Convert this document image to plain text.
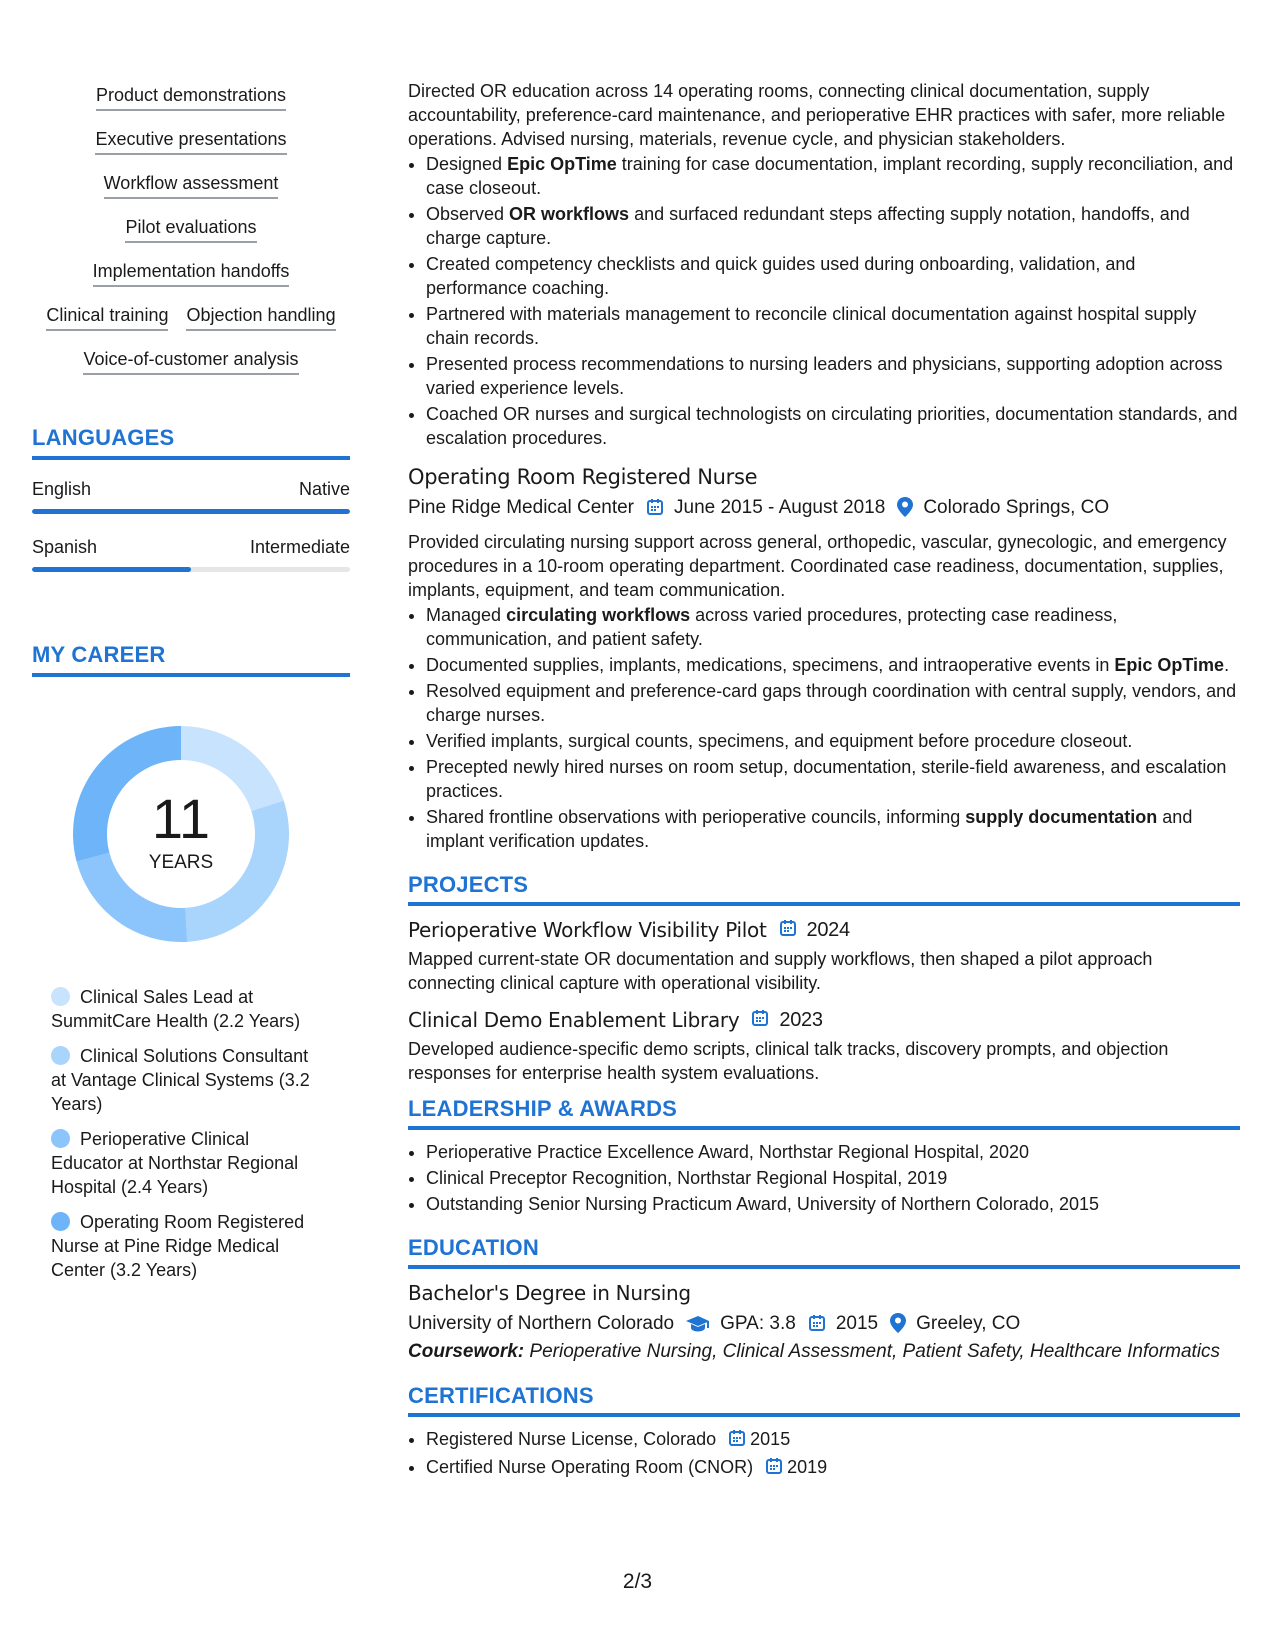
Product demonstrations
Executive presentations
Workflow assessment
Pilot evaluations
Implementation handoffs
Clinical training Objection handling
Voice-of-customer analysis
LANGUAGES
English	Native
Spanish	Intermediate
MY CAREER
11
YEARS
Clinical Sales Lead at SummitCare Health (2.2 Years)
Clinical Solutions Consultant at Vantage Clinical Systems (3.2 Years)
Perioperative Clinical Educator at Northstar Regional Hospital (2.4 Years)
Operating Room Registered Nurse at Pine Ridge Medical Center (3.2 Years)

Directed OR education across 14 operating rooms, connecting clinical documentation, supply accountability, preference-card maintenance, and perioperative EHR practices with safer, more reliable operations. Advised nursing, materials, revenue cycle, and physician stakeholders.

• Designed Epic OpTime training for case documentation, implant recording, supply reconciliation, and case closeout.
• Observed OR workflows and surfaced redundant steps affecting supply notation, handoffs, and charge capture.
• Created competency checklists and quick guides used during onboarding, validation, and performance coaching.
• Partnered with materials management to reconcile clinical documentation against hospital supply chain records.
• Presented process recommendations to nursing leaders and physicians, supporting adoption across varied experience levels.
• Coached OR nurses and surgical technologists on circulating priorities, documentation standards, and escalation procedures.
Operating Room Registered Nurse
Pine Ridge Medical Center June 2015 - August 2018 Colorado Springs, CO

Provided circulating nursing support across general, orthopedic, vascular, gynecologic, and emergency procedures in a 10-room operating department. Coordinated case readiness, documentation, supplies, implants, equipment, and team communication.

• Managed circulating workflows across varied procedures, protecting case readiness, communication, and patient safety.
• Documented supplies, implants, medications, specimens, and intraoperative events in Epic OpTime.
• Resolved equipment and preference-card gaps through coordination with central supply, vendors, and charge nurses.
• Verified implants, surgical counts, specimens, and equipment before procedure closeout.
• Precepted newly hired nurses on room setup, documentation, sterile-field awareness, and escalation practices.
• Shared frontline observations with perioperative councils, informing supply documentation and implant verification updates.
PROJECTS
Perioperative Workflow Visibility Pilot 2024

Mapped current-state OR documentation and supply workflows, then shaped a pilot approach connecting clinical capture with operational visibility.

Clinical Demo Enablement Library 2023

Developed audience-specific demo scripts, clinical talk tracks, discovery prompts, and objection responses for enterprise health system evaluations.

LEADERSHIP & AWARDS
• Perioperative Practice Excellence Award, Northstar Regional Hospital, 2020
• Clinical Preceptor Recognition, Northstar Regional Hospital, 2019
• Outstanding Senior Nursing Practicum Award, University of Northern Colorado, 2015
EDUCATION
Bachelor's Degree in Nursing
University of Northern Colorado GPA: 3.8 2015 Greeley, CO

Coursework: Perioperative Nursing, Clinical Assessment, Patient Safety, Healthcare Informatics

CERTIFICATIONS
• Registered Nurse License, Colorado 2015
• Certified Nurse Operating Room (CNOR) 2019
2/3
